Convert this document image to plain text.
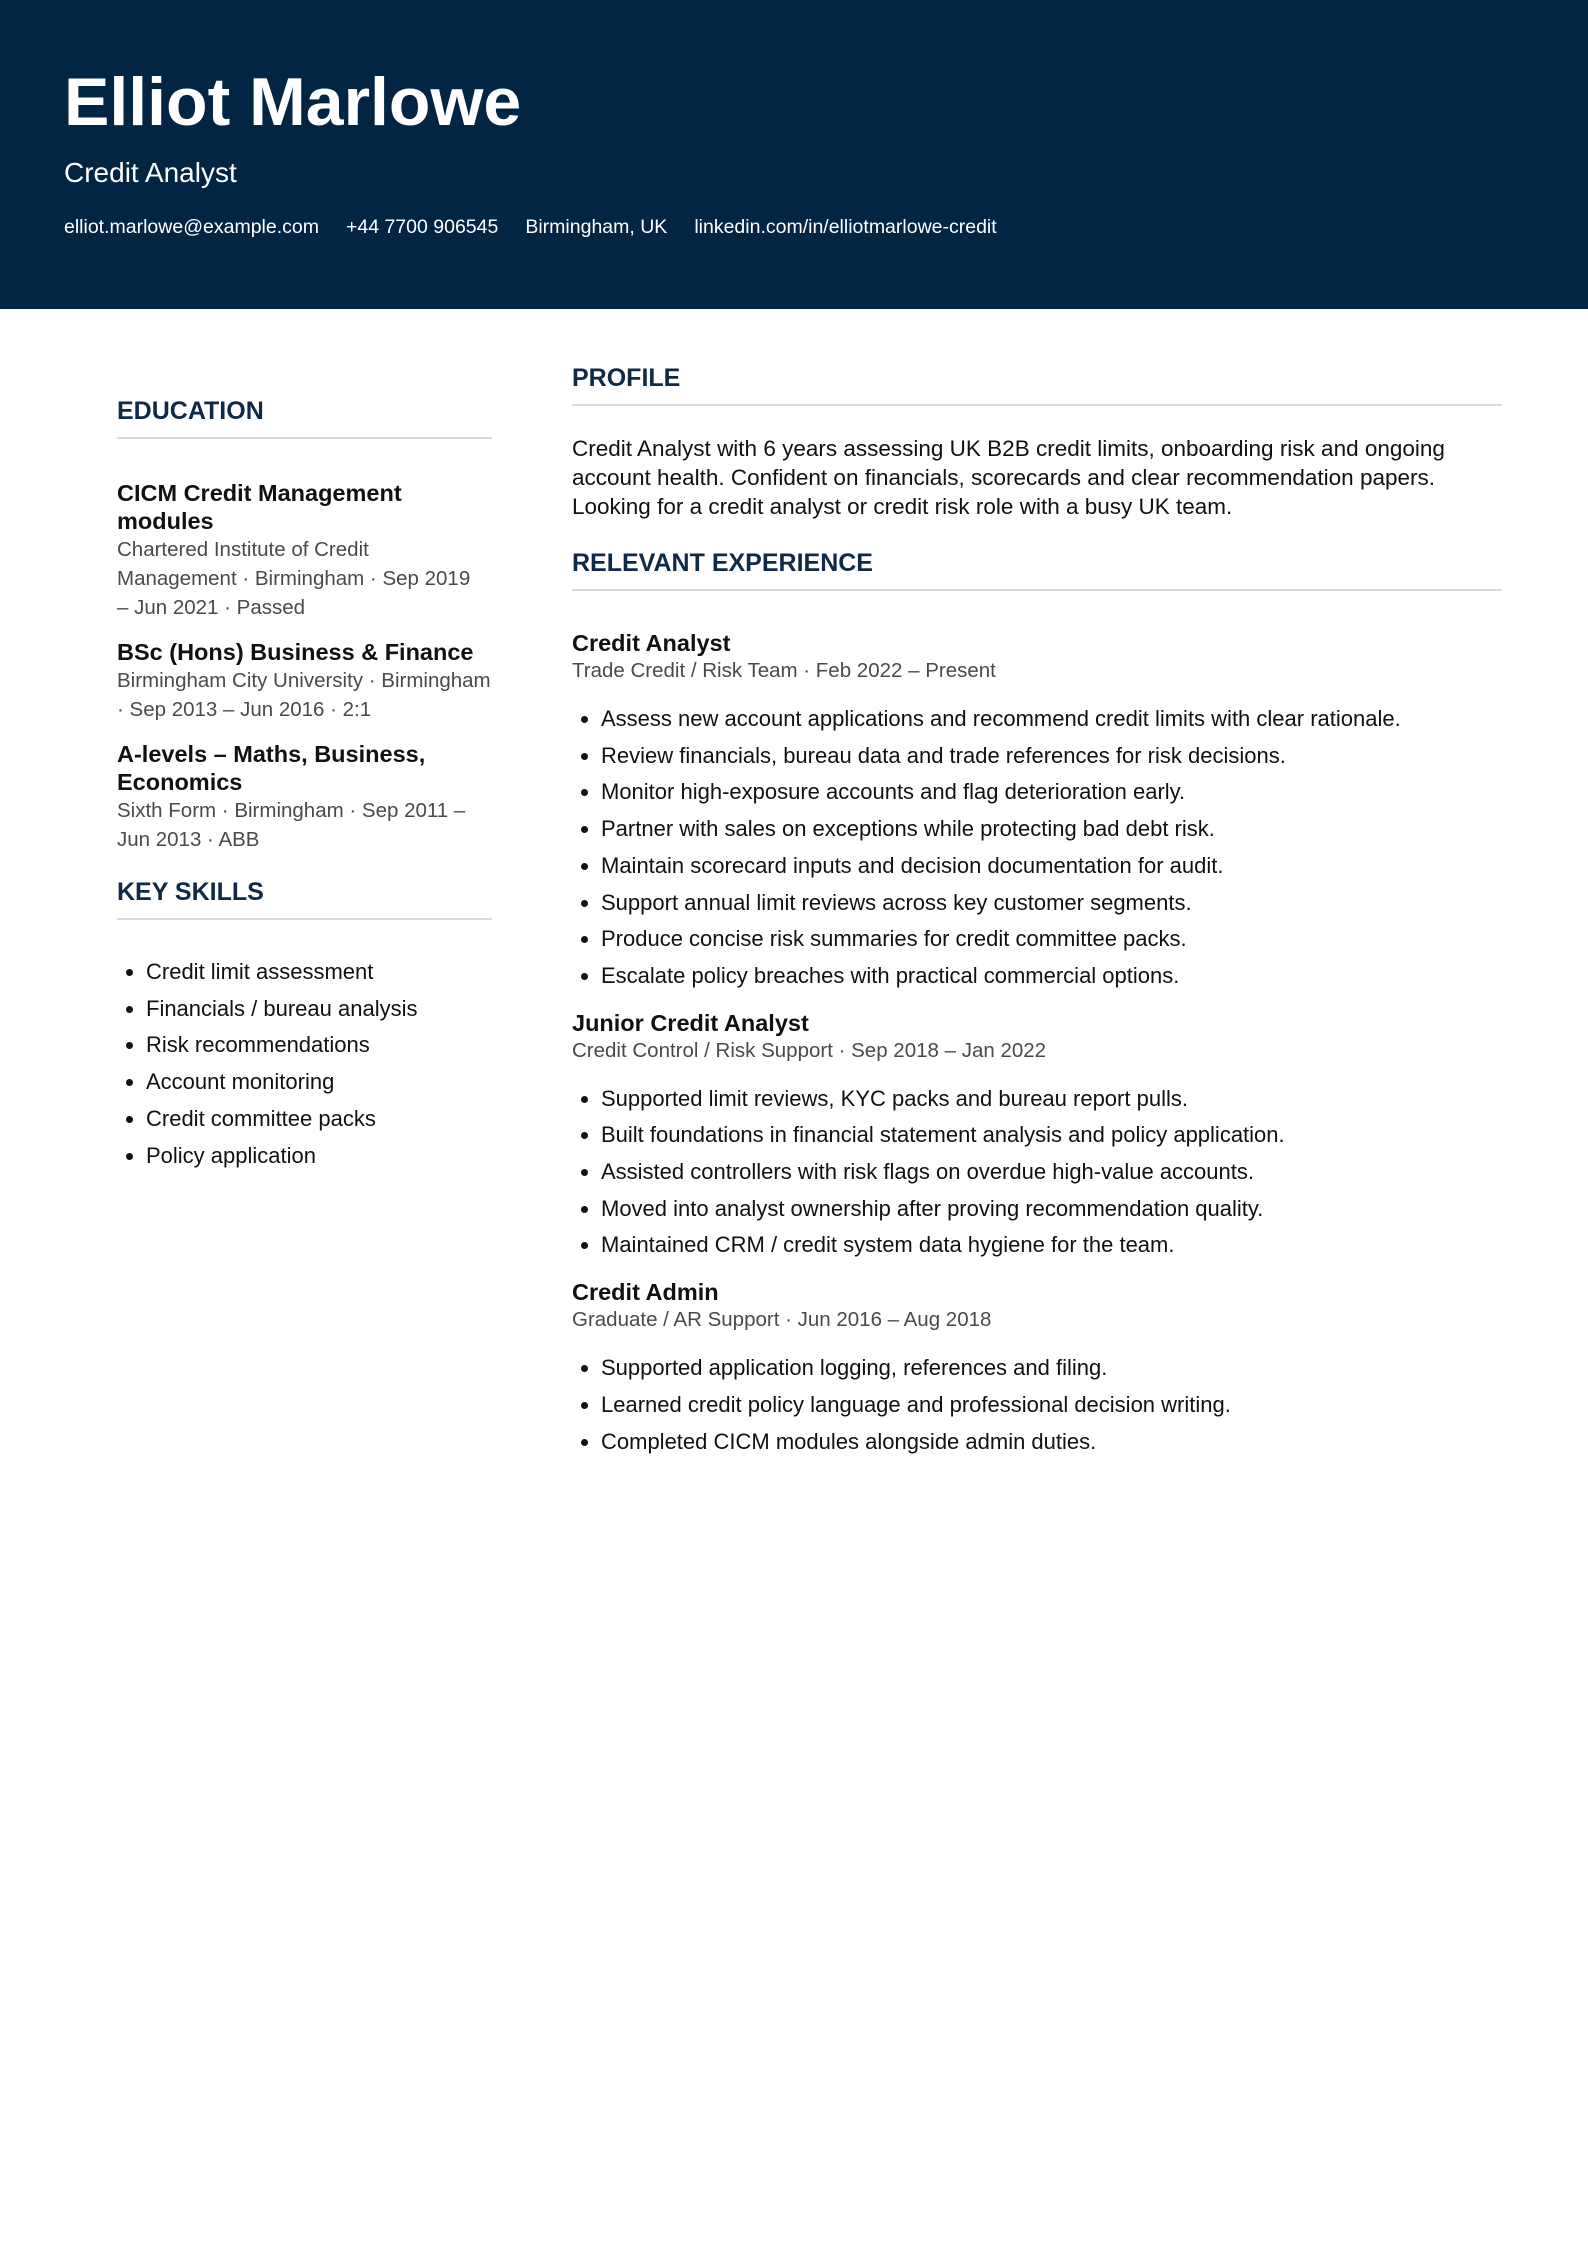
Elliot Marlowe
Credit Analyst
elliot.marlowe@example.com +44 7700 906545 Birmingham, UK linkedin.com/in/elliotmarlowe-credit
EDUCATION
CICM Credit Management modules
Chartered Institute of Credit Management · Birmingham · Sep 2019 – Jun 2021 · Passed
BSc (Hons) Business & Finance
Birmingham City University · Birmingham · Sep 2013 – Jun 2016 · 2:1
A-levels – Maths, Business, Economics
Sixth Form · Birmingham · Sep 2011 – Jun 2013 · ABB
KEY SKILLS
• Credit limit assessment
• Financials / bureau analysis
• Risk recommendations
• Account monitoring
• Credit committee packs
• Policy application
PROFILE

Credit Analyst with 6 years assessing UK B2B credit limits, onboarding risk and ongoing account health. Confident on financials, scorecards and clear recommendation papers. Looking for a credit analyst or credit risk role with a busy UK team.

RELEVANT EXPERIENCE
Credit Analyst
Trade Credit / Risk Team · Feb 2022 – Present
• Assess new account applications and recommend credit limits with clear rationale.
• Review financials, bureau data and trade references for risk decisions.
• Monitor high-exposure accounts and flag deterioration early.
• Partner with sales on exceptions while protecting bad debt risk.
• Maintain scorecard inputs and decision documentation for audit.
• Support annual limit reviews across key customer segments.
• Produce concise risk summaries for credit committee packs.
• Escalate policy breaches with practical commercial options.
Junior Credit Analyst
Credit Control / Risk Support · Sep 2018 – Jan 2022
• Supported limit reviews, KYC packs and bureau report pulls.
• Built foundations in financial statement analysis and policy application.
• Assisted controllers with risk flags on overdue high-value accounts.
• Moved into analyst ownership after proving recommendation quality.
• Maintained CRM / credit system data hygiene for the team.
Credit Admin
Graduate / AR Support · Jun 2016 – Aug 2018
• Supported application logging, references and filing.
• Learned credit policy language and professional decision writing.
• Completed CICM modules alongside admin duties.
